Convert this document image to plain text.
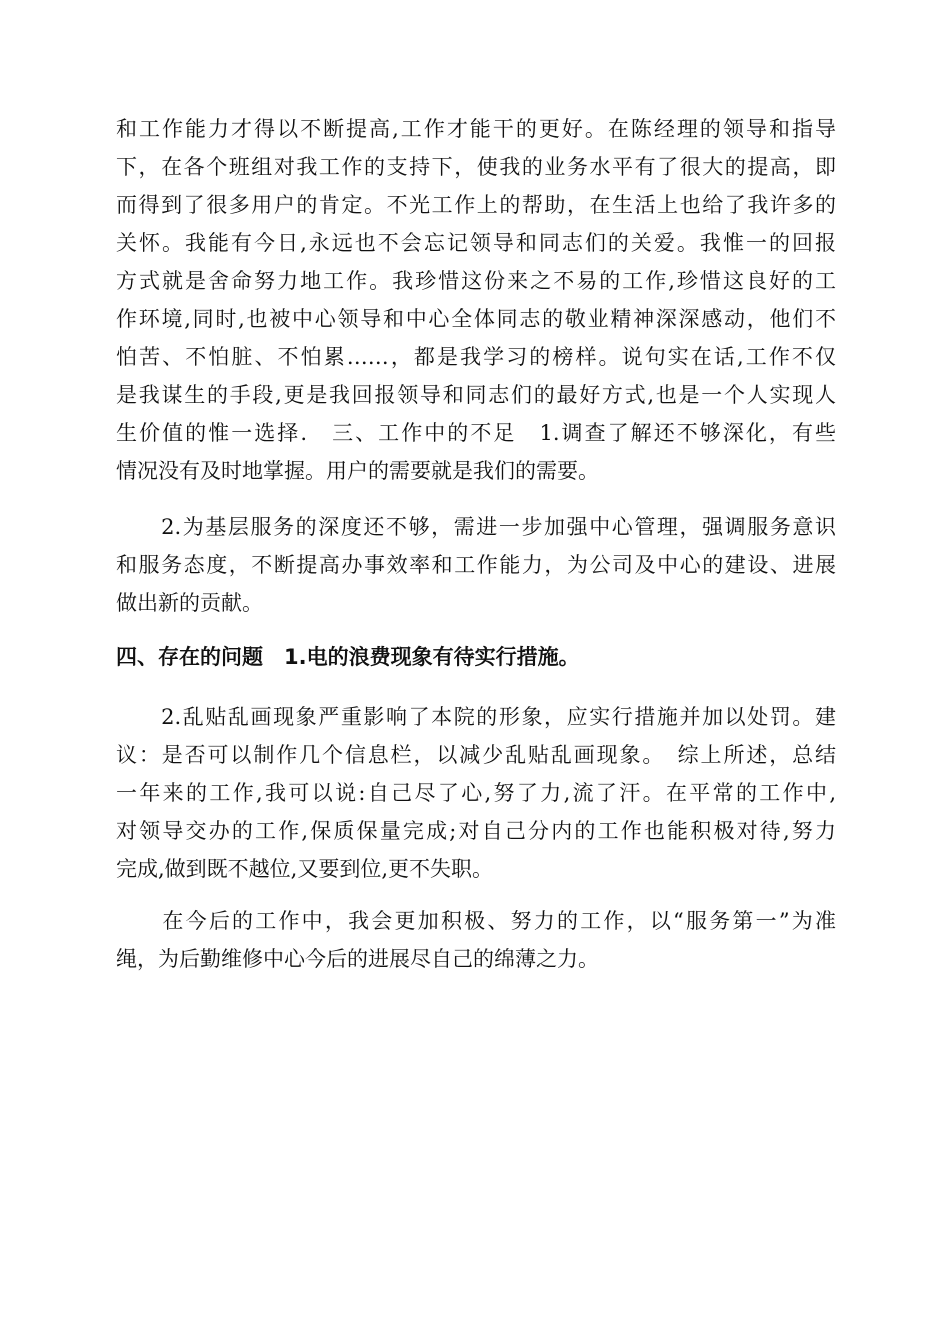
和工作能力才得以不断提高,工作才能干的更好。在陈经理的领导和指导
下，在各个班组对我工作的支持下，使我的业务水平有了很大的提高，即
而得到了很多用户的肯定。不光工作上的帮助，在生活上也给了我许多的
关怀。我能有今日,永远也不会忘记领导和同志们的关爱。我惟一的回报
方式就是舍命努力地工作。我珍惜这份来之不易的工作,珍惜这良好的工
作环境,同时,也被中心领导和中心全体同志的敬业精神深深感动，他们不
怕苦、不怕脏、不怕累……，都是我学习的榜样。说句实在话,工作不仅
是我谋生的手段,更是我回报领导和同志们的最好方式,也是一个人实现人
生价值的惟一选择.　三、工作中的不足　1.调查了解还不够深化，有些
情况没有及时地掌握。用户的需要就是我们的需要。
　　2.为基层服务的深度还不够，需进一步加强中心管理，强调服务意识
和服务态度，不断提高办事效率和工作能力，为公司及中心的建设、进展
做出新的贡献。
四、存在的问题　1.电的浪费现象有待实行措施。
　　2.乱贴乱画现象严重影响了本院的形象，应实行措施并加以处罚。建
议：是否可以制作几个信息栏，以减少乱贴乱画现象。　综上所述，总结
一年来的工作,我可以说:自己尽了心,努了力,流了汗。在平常的工作中,
对领导交办的工作,保质保量完成;对自己分内的工作也能积极对待,努力
完成,做到既不越位,又要到位,更不失职。
　　在今后的工作中，我会更加积极、努力的工作，以“服务第一”为准
绳，为后勤维修中心今后的进展尽自己的绵薄之力。
